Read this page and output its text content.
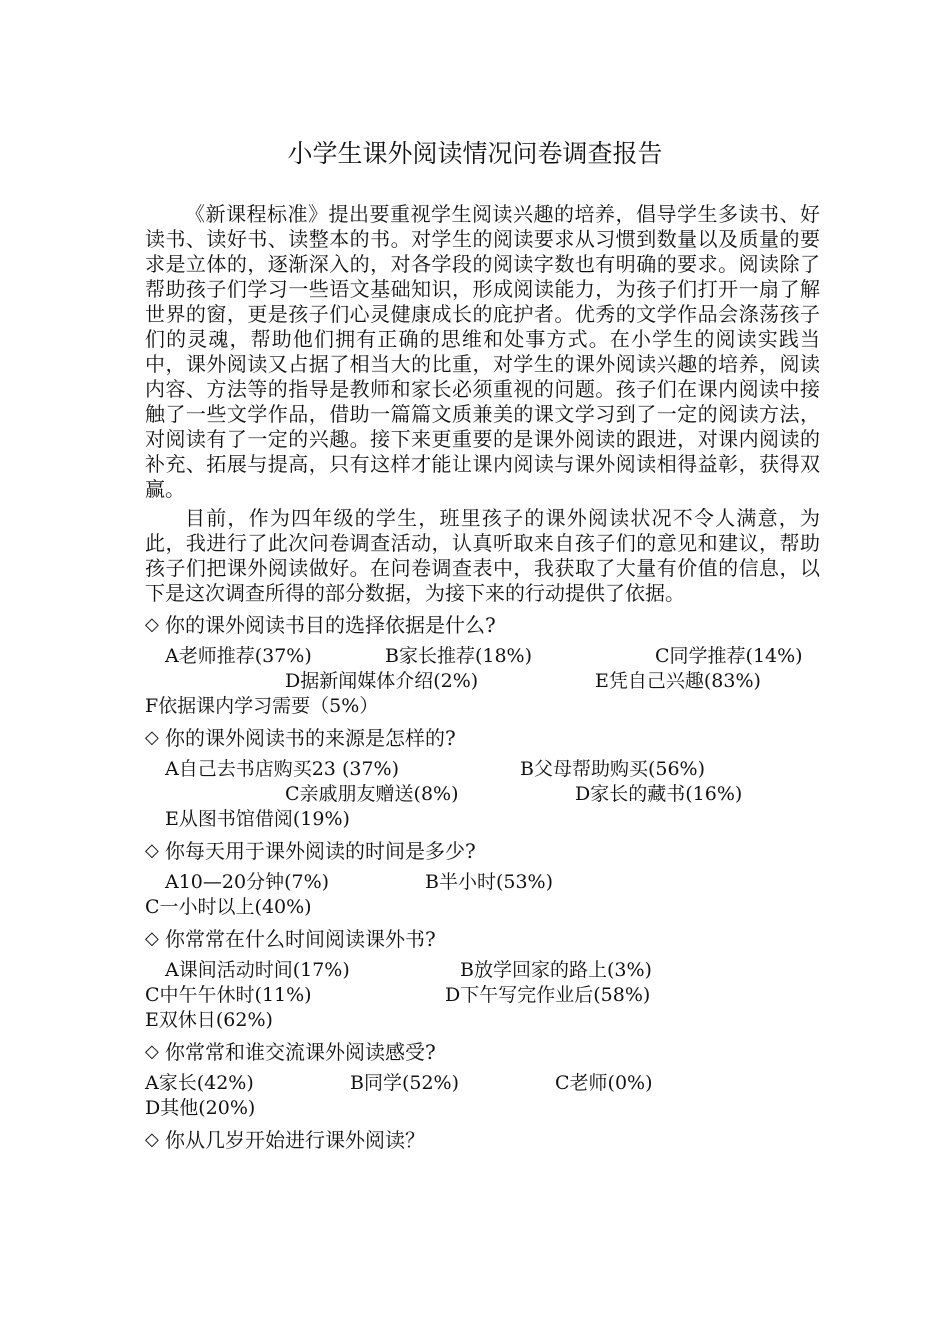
小学生课外阅读情况问卷调查报告

《新课程标准》提出要重视学生阅读兴趣的培养，倡导学生多读书、好读书、读好书、读整本的书。对学生的阅读要求从习惯到数量以及质量的要求是立体的，逐渐深入的，对各学段的阅读字数也有明确的要求。阅读除了帮助孩子们学习一些语文基础知识，形成阅读能力，为孩子们打开一扇了解世界的窗，更是孩子们心灵健康成长的庇护者。优秀的文学作品会涤荡孩子们的灵魂，帮助他们拥有正确的思维和处事方式。在小学生的阅读实践当中，课外阅读又占据了相当大的比重，对学生的课外阅读兴趣的培养，阅读内容、方法等的指导是教师和家长必须重视的问题。孩子们在课内阅读中接触了一些文学作品，借助一篇篇文质兼美的课文学习到了一定的阅读方法，对阅读有了一定的兴趣。接下来更重要的是课外阅读的跟进，对课内阅读的补充、拓展与提高，只有这样才能让课内阅读与课外阅读相得益彰，获得双赢。

目前，作为四年级的学生，班里孩子的课外阅读状况不令人满意，为此，我进行了此次问卷调查活动，认真听取来自孩子们的意见和建议，帮助孩子们把课外阅读做好。在问卷调查表中，我获取了大量有价值的信息，以下是这次调查所得的部分数据，为接下来的行动提供了依据。

◇ 你的课外阅读书目的选择依据是什么?
A老师推荐(37%)	B家长推荐(18%)	C同学推荐(14%)
D据新闻媒体介绍(2%)	E凭自己兴趣(83%)
F依据课内学习需要（5%）
◇ 你的课外阅读书的来源是怎样的?
A自己去书店购买23 (37%)	B父母帮助购买(56%)
C亲戚朋友赠送(8%)	D家长的藏书(16%)
E从图书馆借阅(19%)
◇ 你每天用于课外阅读的时间是多少?
A10—20分钟(7%)	B半小时(53%)C一小时以上(40%)
◇ 你常常在什么时间阅读课外书?
A课间活动时间(17%)	B放学回家的路上(3%)
C中午午休时(11%)	D下午写完作业后(58%)E双休日(62%)
◇ 你常常和谁交流课外阅读感受?
A家长(42%)	B同学(52%)	C老师(0%)D其他(20%)
◇ 你从几岁开始进行课外阅读？
